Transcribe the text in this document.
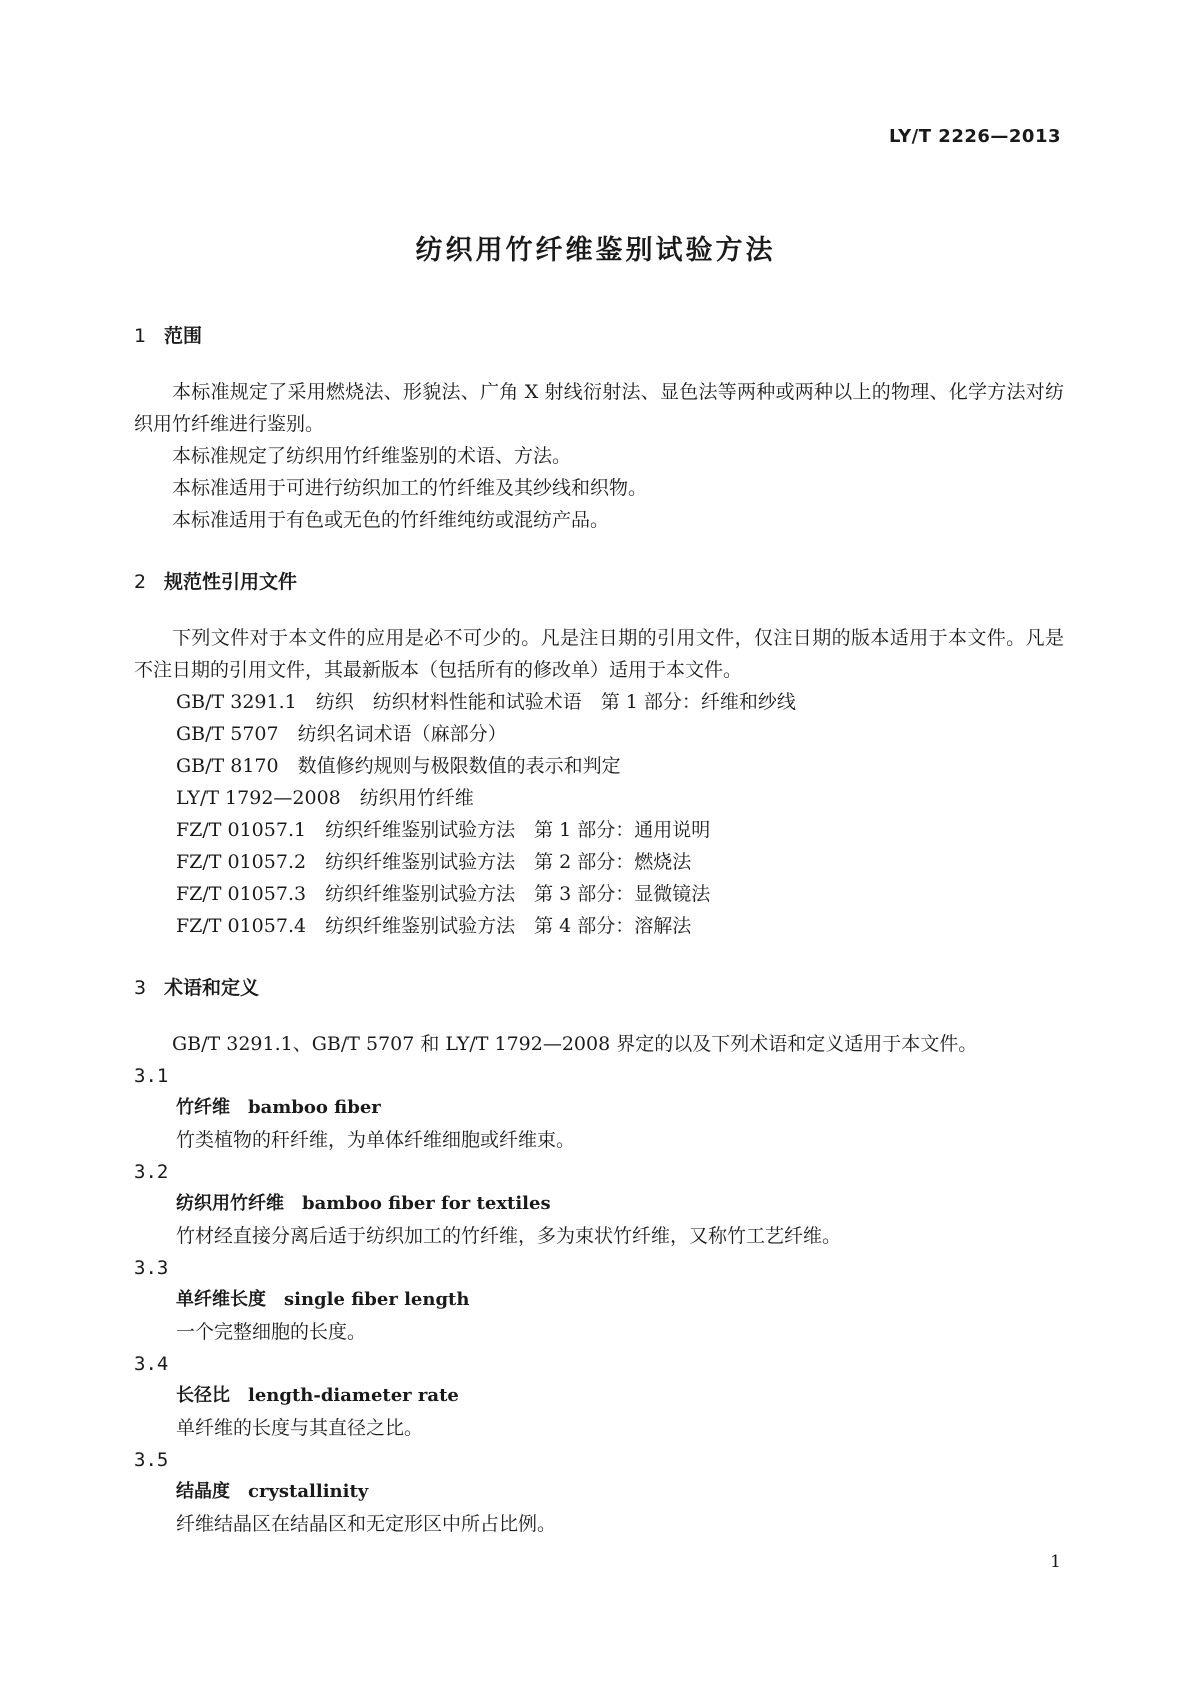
LY/T 2226—2013
纺织用竹纤维鉴别试验方法
1 范围

本标准规定了采用燃烧法、形貌法、广角 X 射线衍射法、显色法等两种或两种以上的物理、化学方法对纺织用竹纤维进行鉴别。

本标准规定了纺织用竹纤维鉴别的术语、方法。

本标准适用于可进行纺织加工的竹纤维及其纱线和织物。

本标准适用于有色或无色的竹纤维纯纺或混纺产品。

2 规范性引用文件

下列文件对于本文件的应用是必不可少的。凡是注日期的引用文件，仅注日期的版本适用于本文件。凡是不注日期的引用文件，其最新版本（包括所有的修改单）适用于本文件。

GB/T 3291.1　纺织　纺织材料性能和试验术语　第 1 部分：纤维和纱线

GB/T 5707　纺织名词术语（麻部分）

GB/T 8170　数值修约规则与极限数值的表示和判定

LY/T 1792—2008　纺织用竹纤维

FZ/T 01057.1　纺织纤维鉴别试验方法　第 1 部分：通用说明

FZ/T 01057.2　纺织纤维鉴别试验方法　第 2 部分：燃烧法

FZ/T 01057.3　纺织纤维鉴别试验方法　第 3 部分：显微镜法

FZ/T 01057.4　纺织纤维鉴别试验方法　第 4 部分：溶解法

3 术语和定义

GB/T 3291.1、GB/T 5707 和 LY/T 1792—2008 界定的以及下列术语和定义适用于本文件。

3.1

竹纤维 bamboo fiber

竹类植物的秆纤维，为单体纤维细胞或纤维束。

3.2

纺织用竹纤维 bamboo fiber for textiles

竹材经直接分离后适于纺织加工的竹纤维，多为束状竹纤维，又称竹工艺纤维。

3.3

单纤维长度 single fiber length

一个完整细胞的长度。

3.4

长径比 length-diameter rate

单纤维的长度与其直径之比。

3.5

结晶度 crystallinity

纤维结晶区在结晶区和无定形区中所占比例。

1
